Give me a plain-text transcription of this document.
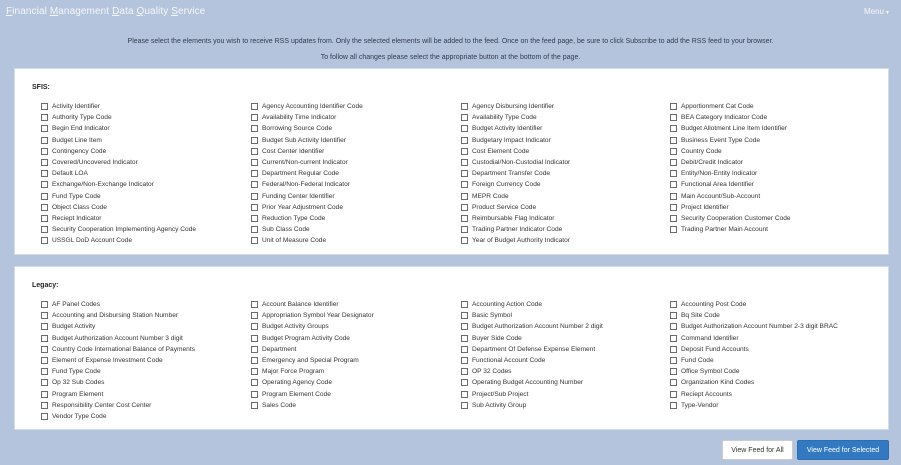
Financial Management Data Quality Service	Menu ▾
Please select the elements you wish to receive RSS updates from. Only the selected elements will be added to the feed. Once on the feed page, be sure to click Subscribe to add the RSS feed to your browser.
To follow all changes please select the appropriate button at the bottom of the page.
SFIS:
Activity Identifier
Authority Type Code
Begin End Indicator
Budget Line Item
Contingency Code
Covered/Uncovered Indicator
Default LOA
Exchange/Non-Exchange Indicator
Fund Type Code
Object Class Code
Reciept Indicator
Security Cooperation Implementing Agency Code
USSGL DoD Account Code
Agency Accounting Identifier Code
Availability Time Indicator
Borrowing Source Code
Budget Sub Activity Identifier
Cost Center Identifier
Current/Non-current Indicator
Department Regular Code
Federal/Non-Federal Indicator
Funding Center Identifier
Prior Year Adjustment Code
Reduction Type Code
Sub Class Code
Unit of Measure Code
Agency Disbursing Identifier
Availability Type Code
Budget Activity Identifier
Budgetary Impact Indicator
Cost Element Code
Custodial/Non-Custodial Indicator
Department Transfer Code
Foreign Currency Code
MEPR Code
Product Service Code
Reimbursable Flag Indicator
Trading Partner Indicator Code
Year of Budget Authority Indicator
Apportionment Cat Code
BEA Category Indicator Code
Budget Allotment Line Item Identifier
Business Event Type Code
Country Code
Debit/Credit Indicator
Entity/Non-Entity Indicator
Functional Area Identifier
Main Account/Sub-Account
Project Identifier
Security Cooperation Customer Code
Trading Partner Main Account
Legacy:
AF Panel Codes
Accounting and Disbursing Station Number
Budget Activity
Budget Authorization Account Number 3 digit
Country Code International Balance of Payments
Element of Expense Investment Code
Fund Type Code
Op 32 Sub Codes
Program Element
Responsibility Center Cost Center
Vendor Type Code
Account Balance Identifier
Appropriation Symbol Year Designator
Budget Activity Groups
Budget Program Activity Code
Department
Emergency and Special Program
Major Force Program
Operating Agency Code
Program Element Code
Sales Code
Accounting Action Code
Basic Symbol
Budget Authorization Account Number 2 digit
Buyer Side Code
Department Of Defense Expense Element
Functional Account Code
OP 32 Codes
Operating Budget Accounting Number
Project/Sub Project
Sub Activity Group
Accounting Post Code
Bq Site Code
Budget Authorization Account Number 2-3 digit BRAC
Command Identifier
Deposit Fund Accounts
Fund Code
Office Symbol Code
Organization Kind Codes
Reciept Accounts
Type-Vendor
View Feed for All	View Feed for Selected
